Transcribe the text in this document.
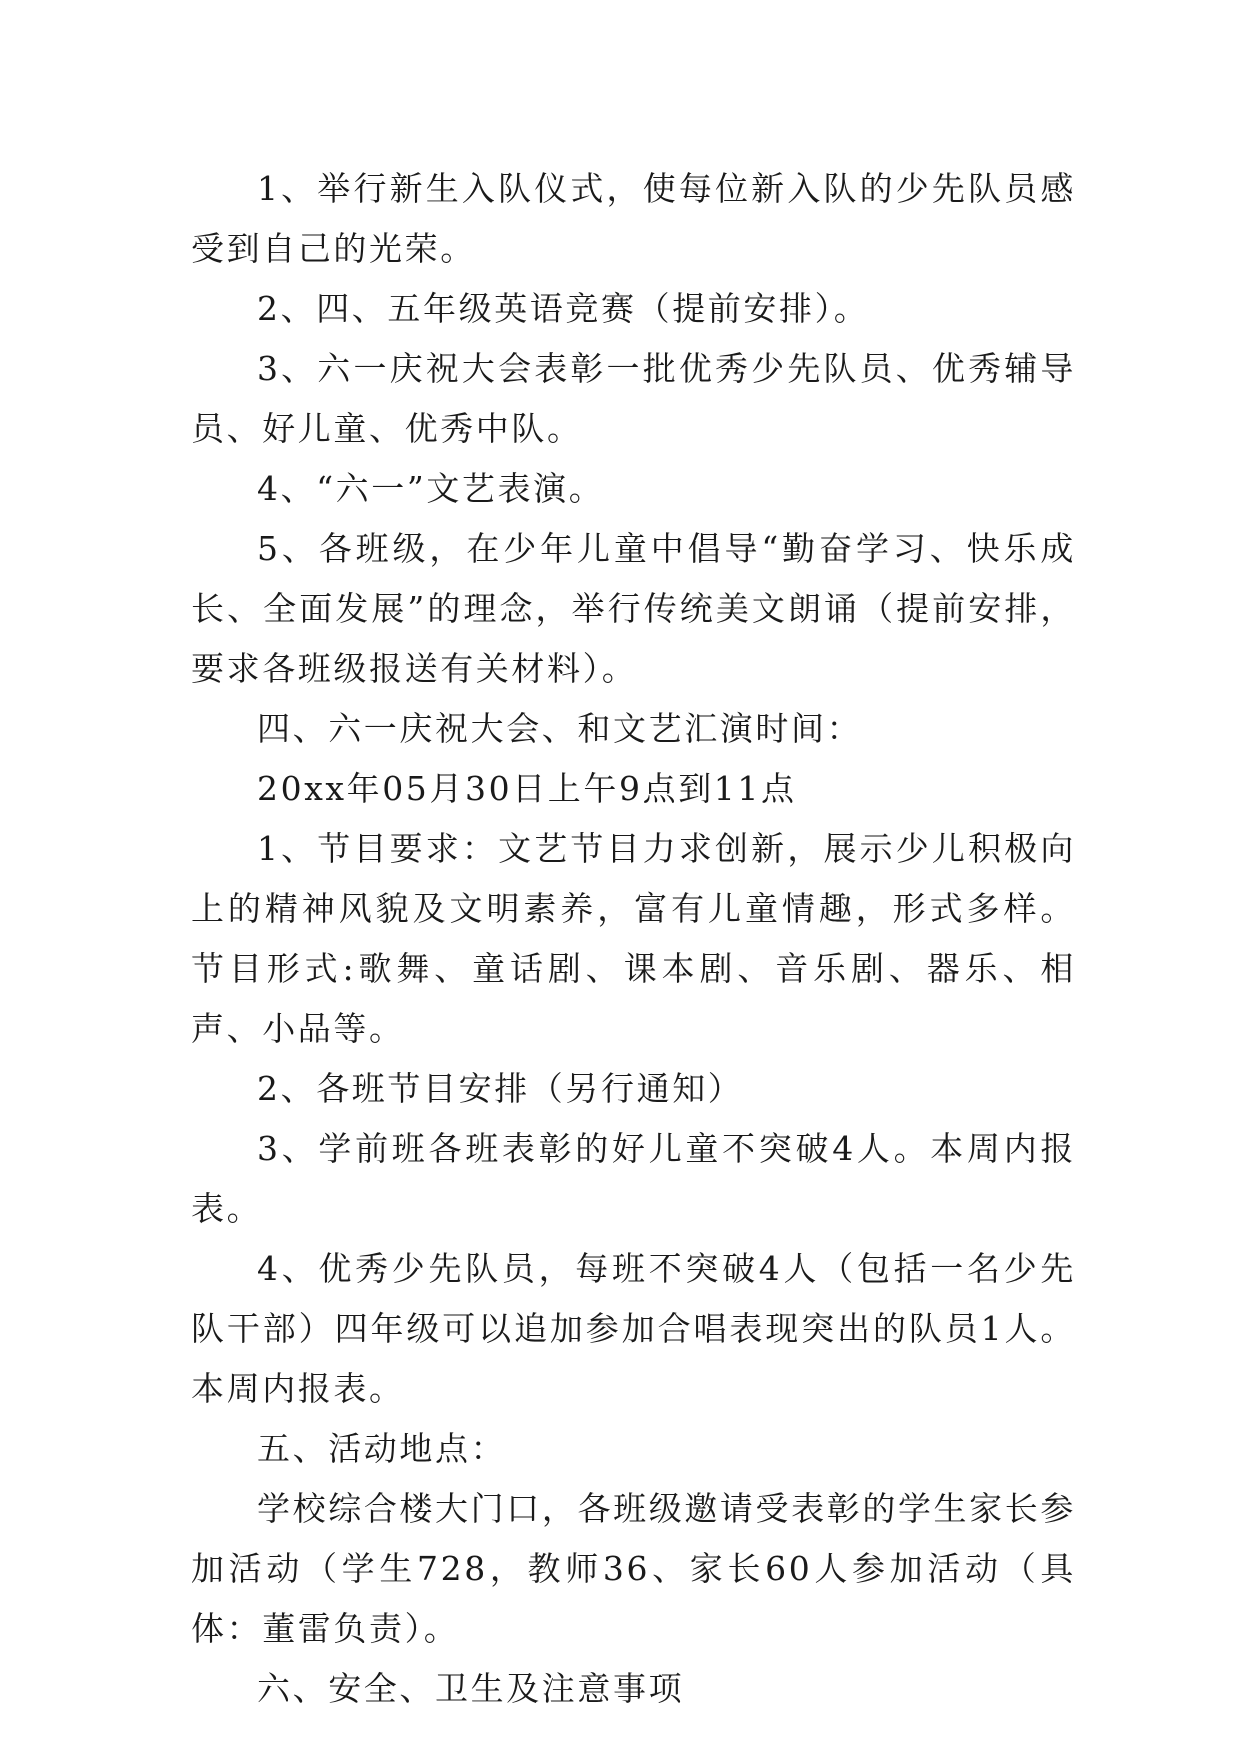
1、举行新生入队仪式，使每位新入队的少先队员感受到自己的光荣。

2、四、五年级英语竞赛（提前安排）。

3、六一庆祝大会表彰一批优秀少先队员、优秀辅导员、好儿童、优秀中队。

4、“六一”文艺表演。

5、各班级，在少年儿童中倡导“勤奋学习、快乐成长、全面发展”的理念，举行传统美文朗诵（提前安排，要求各班级报送有关材料）。

四、六一庆祝大会、和文艺汇演时间：

20xx年05月30日上午9点到11点

1、节目要求：文艺节目力求创新，展示少儿积极向上的精神风貌及文明素养，富有儿童情趣，形式多样。节目形式:歌舞、童话剧、课本剧、音乐剧、器乐、相声、小品等。

2、各班节目安排（另行通知）

3、学前班各班表彰的好儿童不突破4人。本周内报表。

4、优秀少先队员，每班不突破4人（包括一名少先队干部）四年级可以追加参加合唱表现突出的队员1人。本周内报表。

五、活动地点：

学校综合楼大门口，各班级邀请受表彰的学生家长参加活动（学生728，教师36、家长60人参加活动（具体：董雷负责）。

六、安全、卫生及注意事项
